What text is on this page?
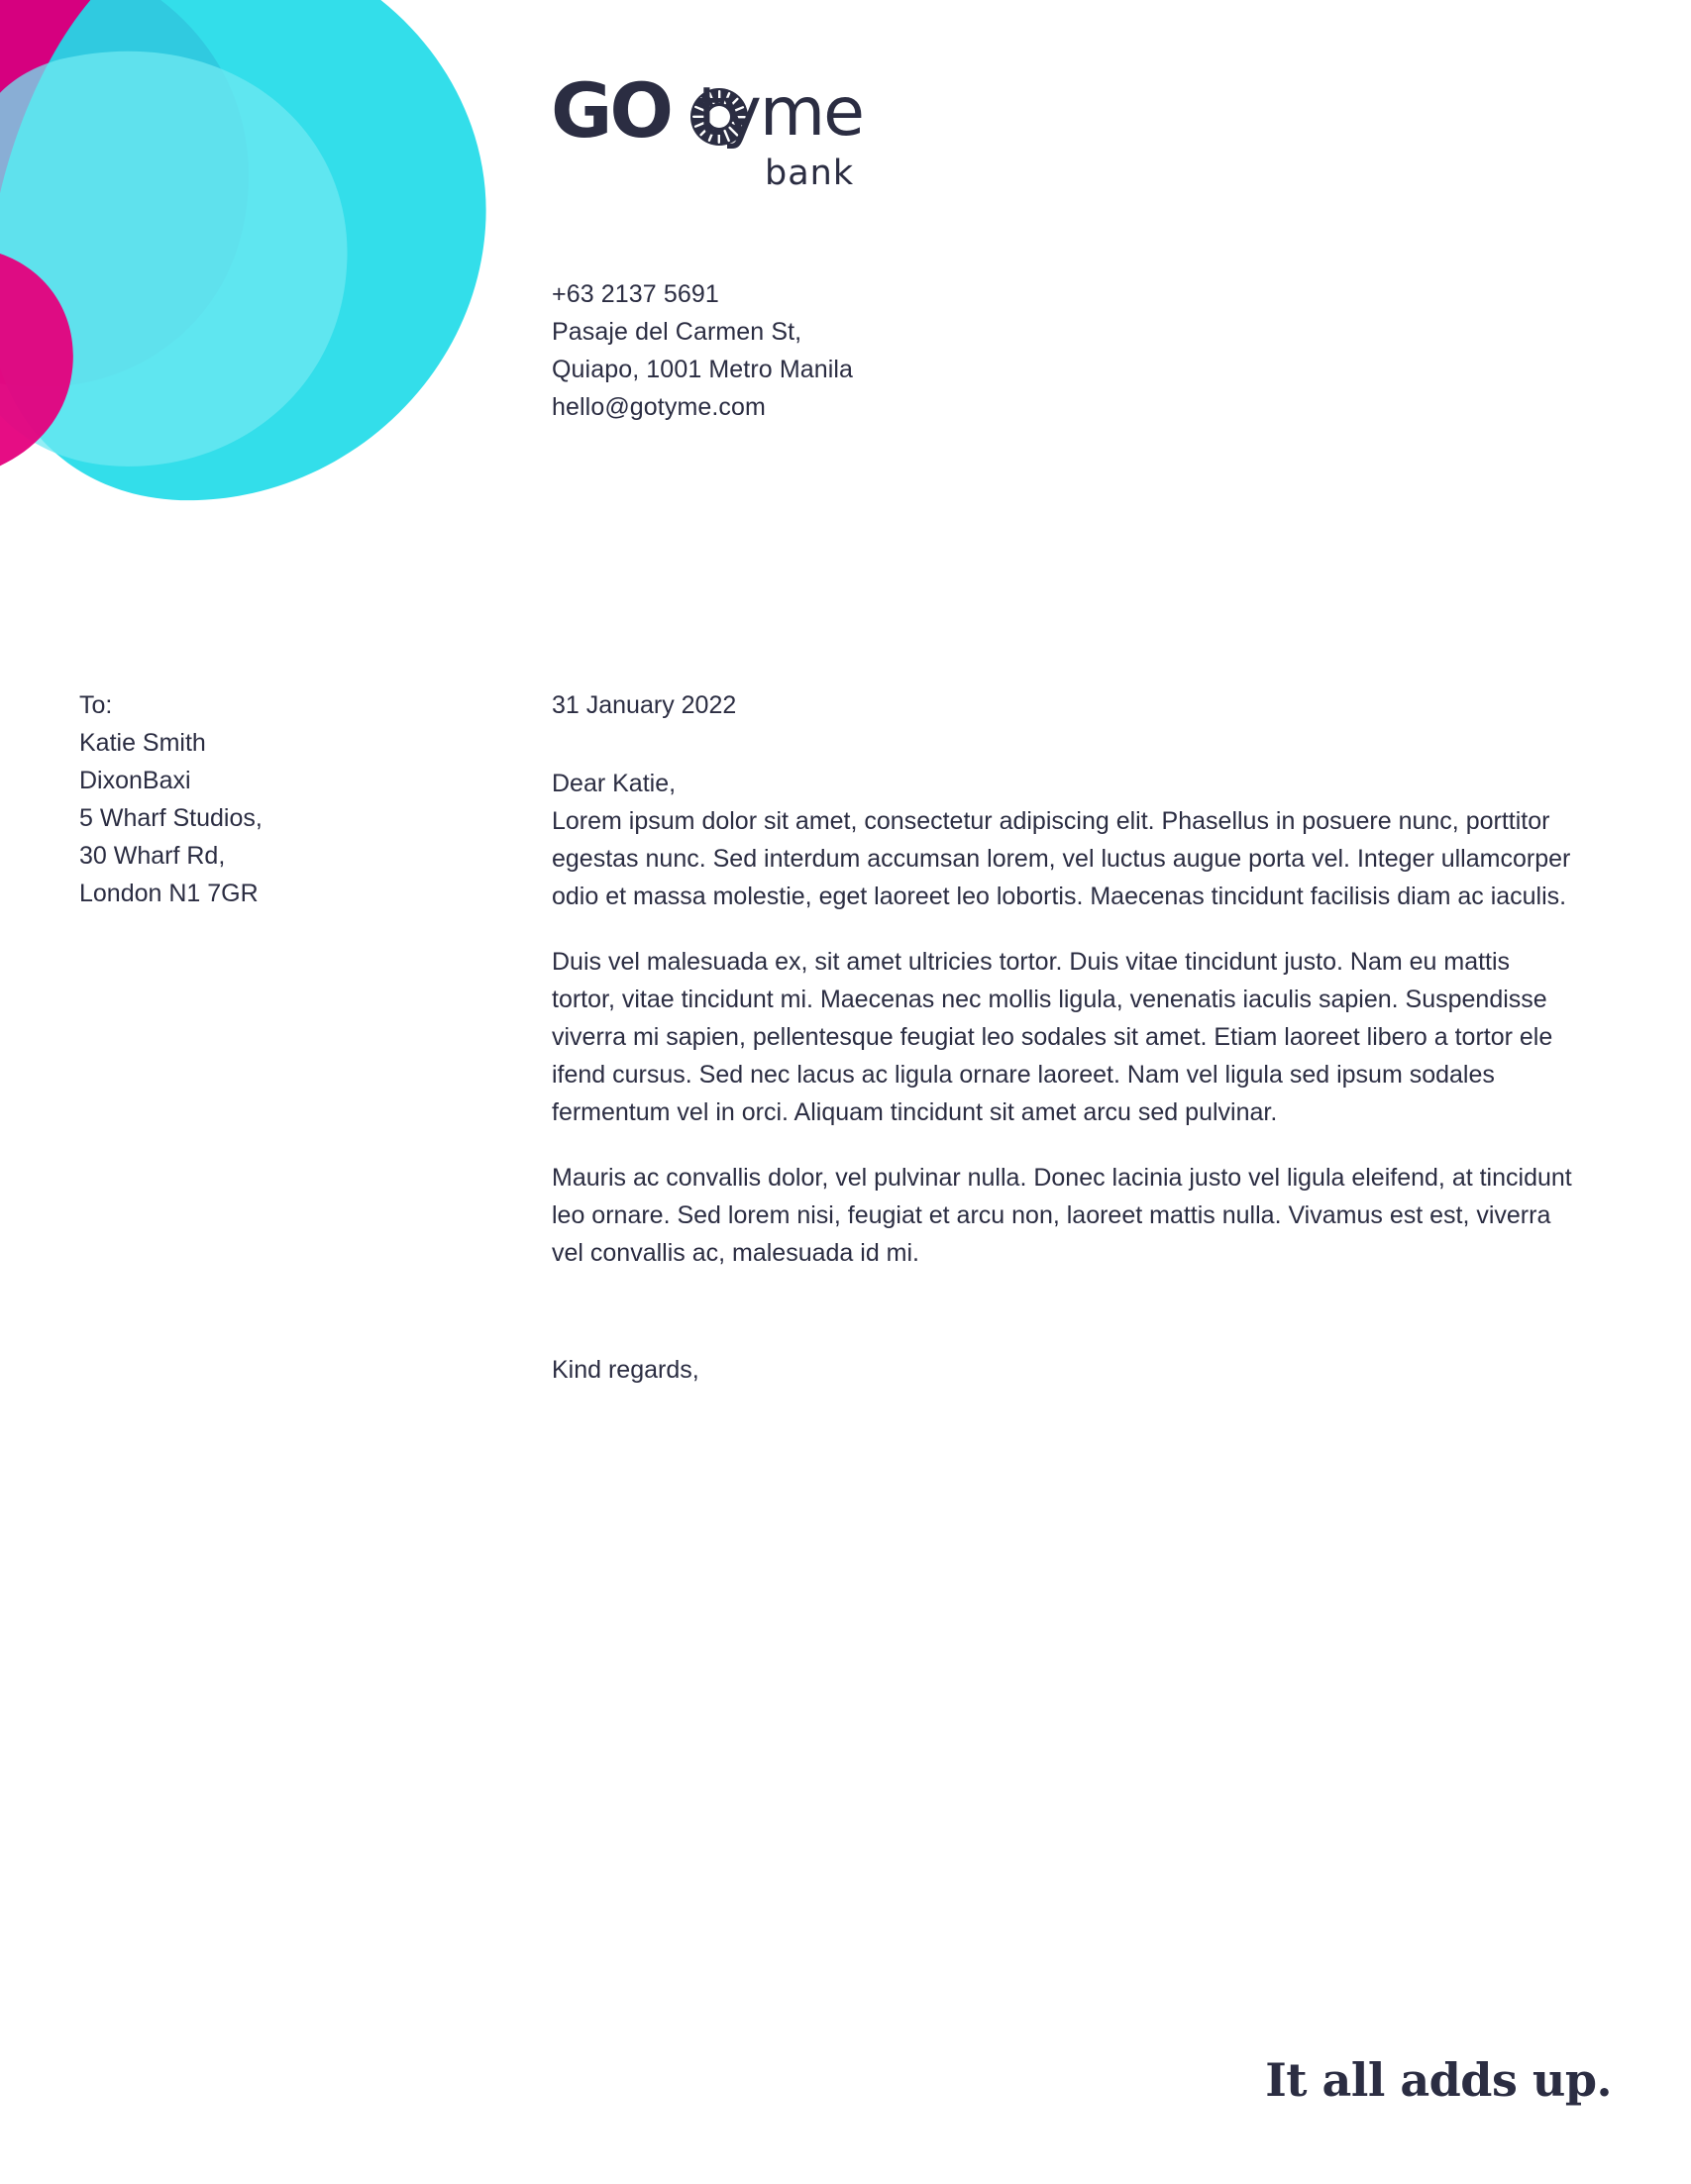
GO tyme
bank
+63 2137 5691
Pasaje del Carmen St,
Quiapo, 1001 Metro Manila
hello@gotyme.com
To:
Katie Smith
DixonBaxi
5 Wharf Studios,
30 Wharf Rd,
London N1 7GR
31 January 2022
Dear Katie,

Lorem ipsum dolor sit amet, consectetur adipiscing elit. Phasellus in posuere nunc, porttitor egestas nunc. Sed interdum accumsan lorem, vel luctus augue porta vel. Integer ullamcorper odio et massa molestie, eget laoreet leo lobortis. Maecenas tincidunt facilisis diam ac iaculis.

Duis vel malesuada ex, sit amet ultricies tortor. Duis vitae tincidunt justo. Nam eu mattis tortor, vitae tincidunt mi. Maecenas nec mollis ligula, venenatis iaculis sapien. Suspendisse viverra mi sapien, pellentesque feugiat leo sodales sit amet. Etiam laoreet libero a tortor ele ifend cursus. Sed nec lacus ac ligula ornare laoreet. Nam vel ligula sed ipsum sodales fermentum vel in orci. Aliquam tincidunt sit amet arcu sed pulvinar.

Mauris ac convallis dolor, vel pulvinar nulla. Donec lacinia justo vel ligula eleifend, at tincidunt leo ornare. Sed lorem nisi, feugiat et arcu non, laoreet mattis nulla. Vivamus est est, viverra vel convallis ac, malesuada id mi.

Kind regards,
It all adds up.
